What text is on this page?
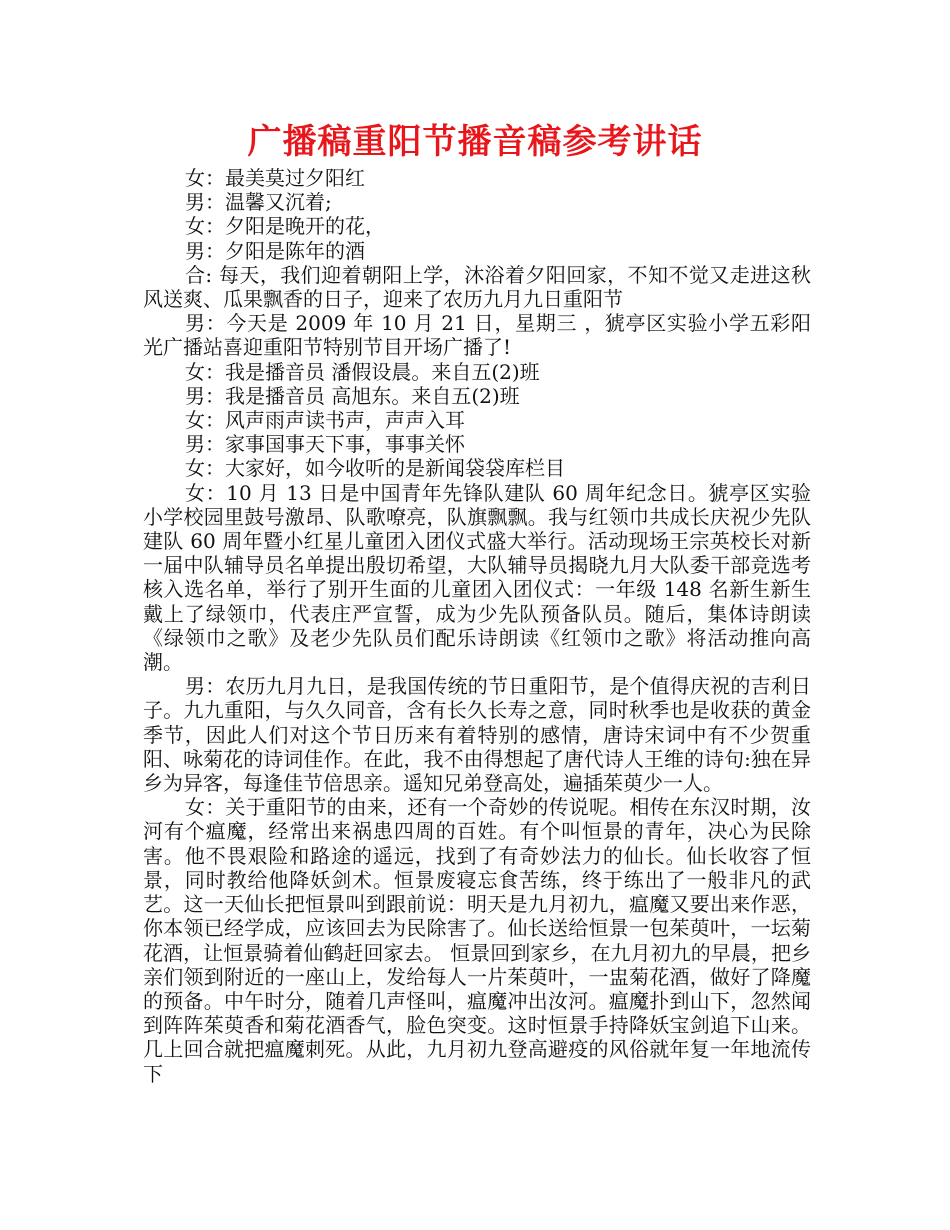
广播稿重阳节播音稿参考讲话

女：最美莫过夕阳红

男：温馨又沉着;

女：夕阳是晚开的花，

男：夕阳是陈年的酒

合: 每天，我们迎着朝阳上学，沐浴着夕阳回家，不知不觉又走进这秋风送爽、瓜果飘香的日子，迎来了农历九月九日重阳节

男：今天是 2009 年 10 月 21 日，星期三 ，猇亭区实验小学五彩阳光广播站喜迎重阳节特别节目开场广播了!

女：我是播音员 潘假设晨。来自五(2)班

男：我是播音员 高旭东。来自五(2)班

女：风声雨声读书声，声声入耳

男：家事国事天下事，事事关怀

女：大家好，如今收听的是新闻袋袋库栏目

女：10 月 13 日是中国青年先锋队建队 60 周年纪念日。猇亭区实验小学校园里鼓号激昂、队歌嘹亮，队旗飘飘。我与红领巾共成长庆祝少先队建队 60 周年暨小红星儿童团入团仪式盛大举行。活动现场王宗英校长对新一届中队辅导员名单提出殷切希望，大队辅导员揭晓九月大队委干部竞选考核入选名单，举行了别开生面的儿童团入团仪式：一年级 148 名新生新生戴上了绿领巾，代表庄严宣誓，成为少先队预备队员。随后，集体诗朗读《绿领巾之歌》及老少先队员们配乐诗朗读《红领巾之歌》将活动推向高潮。

男：农历九月九日，是我国传统的节日重阳节，是个值得庆祝的吉利日子。九九重阳，与久久同音，含有长久长寿之意，同时秋季也是收获的黄金季节，因此人们对这个节日历来有着特别的感情，唐诗宋词中有不少贺重阳、咏菊花的诗词佳作。在此，我不由得想起了唐代诗人王维的诗句:独在异乡为异客，每逢佳节倍思亲。遥知兄弟登高处，遍插茱萸少一人。

女：关于重阳节的由来，还有一个奇妙的传说呢。相传在东汉时期，汝河有个瘟魔，经常出来祸患四周的百姓。有个叫恒景的青年，决心为民除害。他不畏艰险和路途的遥远，找到了有奇妙法力的仙长。仙长收容了恒景，同时教给他降妖剑术。恒景废寝忘食苦练，终于练出了一般非凡的武艺。这一天仙长把恒景叫到跟前说：明天是九月初九，瘟魔又要出来作恶，你本领已经学成，应该回去为民除害了。仙长送给恒景一包茱萸叶，一坛菊花酒，让恒景骑着仙鹤赶回家去。 恒景回到家乡，在九月初九的早晨，把乡亲们领到附近的一座山上，发给每人一片茱萸叶，一盅菊花酒，做好了降魔的预备。中午时分，随着几声怪叫，瘟魔冲出汝河。瘟魔扑到山下，忽然闻到阵阵茱萸香和菊花酒香气，脸色突变。这时恒景手持降妖宝剑追下山来。几上回合就把瘟魔刺死。从此，九月初九登高避疫的风俗就年复一年地流传下
